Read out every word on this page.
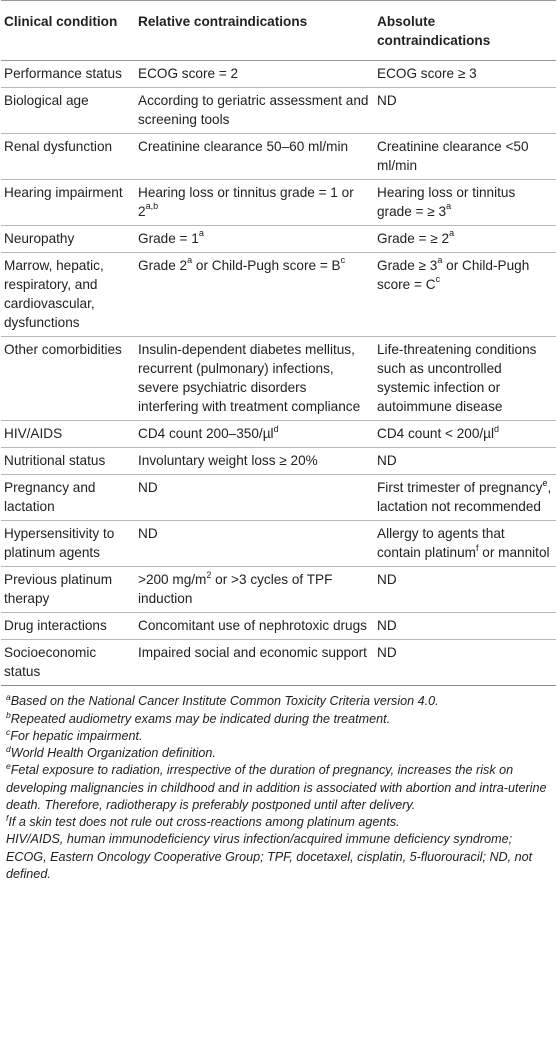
Clinical condition	Relative contraindications	Absolute contraindications
Performance status	ECOG score = 2	ECOG score ≥ 3
Biological age	According to geriatric assessment and screening tools	ND
Renal dysfunction	Creatinine clearance 50–60 ml/min	Creatinine clearance <50 ml/min
Hearing impairment	Hearing loss or tinnitus grade = 1 or 2$^{a,b}$	Hearing loss or tinnitus grade = ≥ $3^a$
Neuropathy	Grade = $1^a$	Grade = ≥ $2^a$
Marrow, hepatic, respiratory, and cardiovascular, dysfunctions	Grade 2$^a$ or Child-Pugh score = $B^c$	Grade ≥ $3^a$ or Child-Pugh score = $C^c$
Other comorbidities	Insulin-dependent diabetes mellitus, recurrent (pulmonary) infections, severe psychiatric disorders interfering with treatment compliance	Life-threatening conditions such as uncontrolled systemic infection or autoimmune disease
HIV/AIDS	CD4 count 200–350/µl$^d$	CD4 count < 200/µl$^d$
Nutritional status	Involuntary weight loss ≥ 20%	ND
Pregnancy and lactation	ND	First trimester of pregnancy$^e$, lactation not recommended
Hypersensitivity to platinum agents	ND	Allergy to agents that contain platinum$^f$ or mannitol
Previous platinum therapy	>200 $mg/m^2$ or >3 cycles of TPF induction	ND
Drug interactions	Concomitant use of nephrotoxic drugs	ND
Socioeconomic status	Impaired social and economic support	ND

$^a$Based on the National Cancer Institute Common Toxicity Criteria version 4.0.

$^b$Repeated audiometry exams may be indicated during the treatment.

$^c$For hepatic impairment.

$^d$World Health Organization definition.

$^e$Fetal exposure to radiation, irrespective of the duration of pregnancy, increases the risk on developing malignancies in childhood and in addition is associated with abortion and intra-uterine death. Therefore, radiotherapy is preferably postponed until after delivery.

$^f$If a skin test does not rule out cross-reactions among platinum agents.

HIV/AIDS, human immunodeficiency virus infection/acquired immune deficiency syndrome; ECOG, Eastern Oncology Cooperative Group; TPF, docetaxel, cisplatin, 5-fluorouracil; ND, not defined.
